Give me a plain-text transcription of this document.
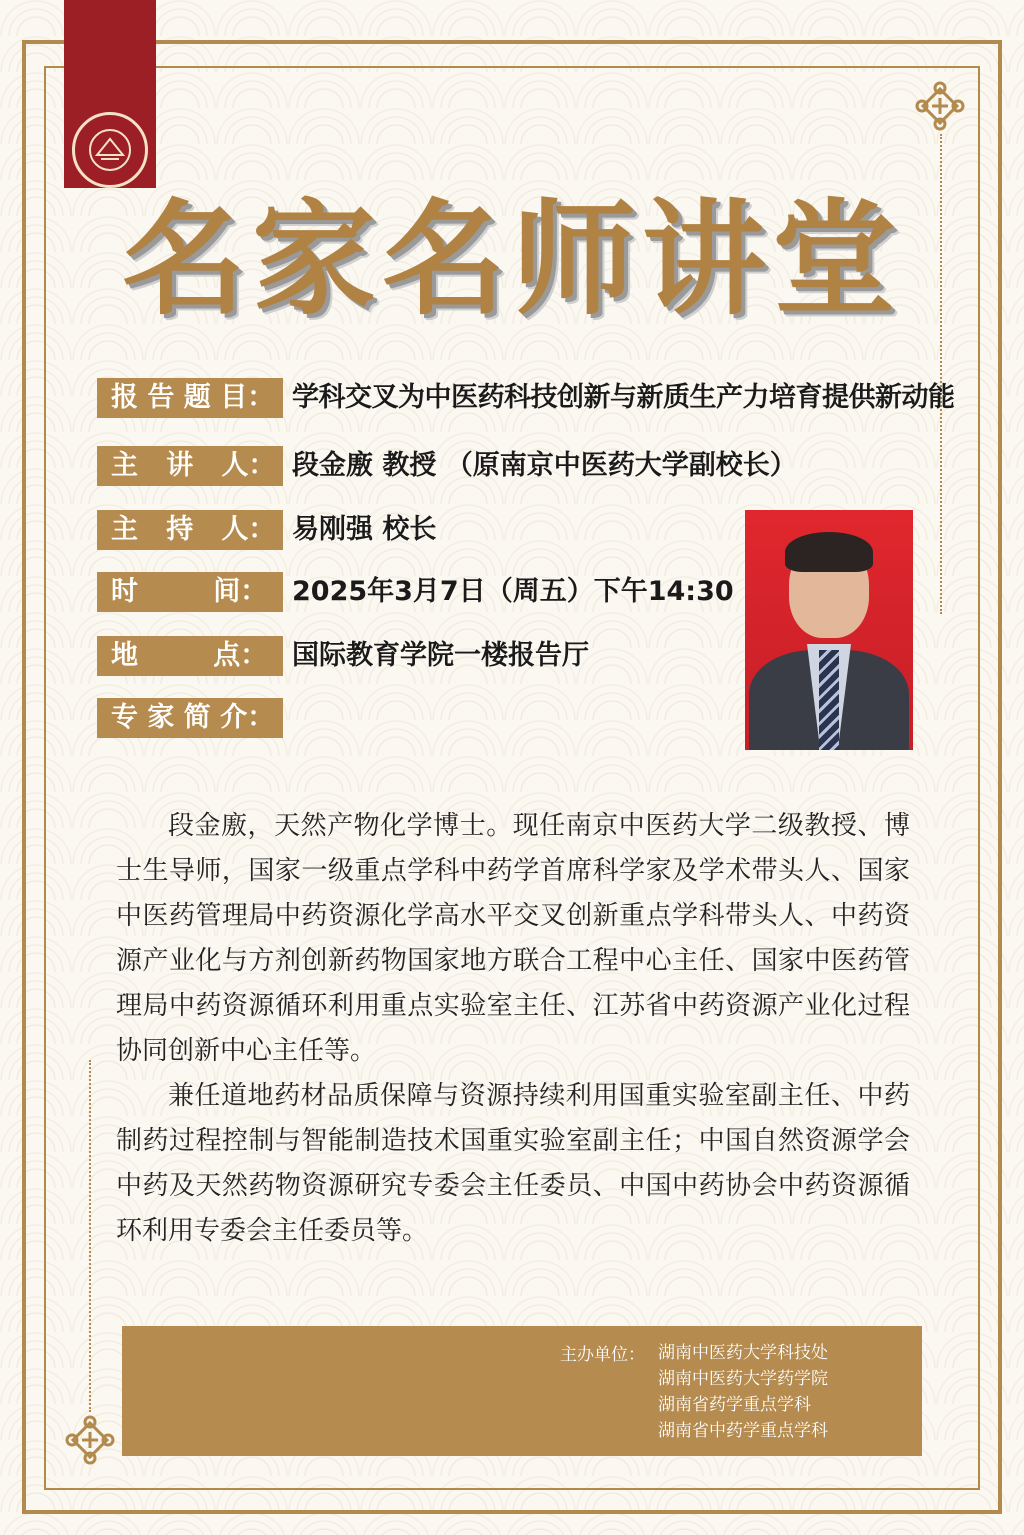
名家名师讲堂
报 告 题 目： 学科交叉为中医药科技创新与新质生产力培育提供新动能
主   讲   人： 段金廒 教授 （原南京中医药大学副校长）
主   持   人： 易刚强 校长
时        间： 2025年3月7日（周五）下午14:30
地        点： 国际教育学院一楼报告厅
专 家 简 介：

段金廒，天然产物化学博士。现任南京中医药大学二级教授、博士生导师，国家一级重点学科中药学首席科学家及学术带头人、国家中医药管理局中药资源化学高水平交叉创新重点学科带头人、中药资源产业化与方剂创新药物国家地方联合工程中心主任、国家中医药管理局中药资源循环利用重点实验室主任、江苏省中药资源产业化过程协同创新中心主任等。

兼任道地药材品质保障与资源持续利用国重实验室副主任、中药制药过程控制与智能制造技术国重实验室副主任；中国自然资源学会中药及天然药物资源研究专委会主任委员、中国中药协会中药资源循环利用专委会主任委员等。

主办单位： 湖南中医药大学科技处
湖南中医药大学药学院
湖南省药学重点学科
湖南省中药学重点学科
